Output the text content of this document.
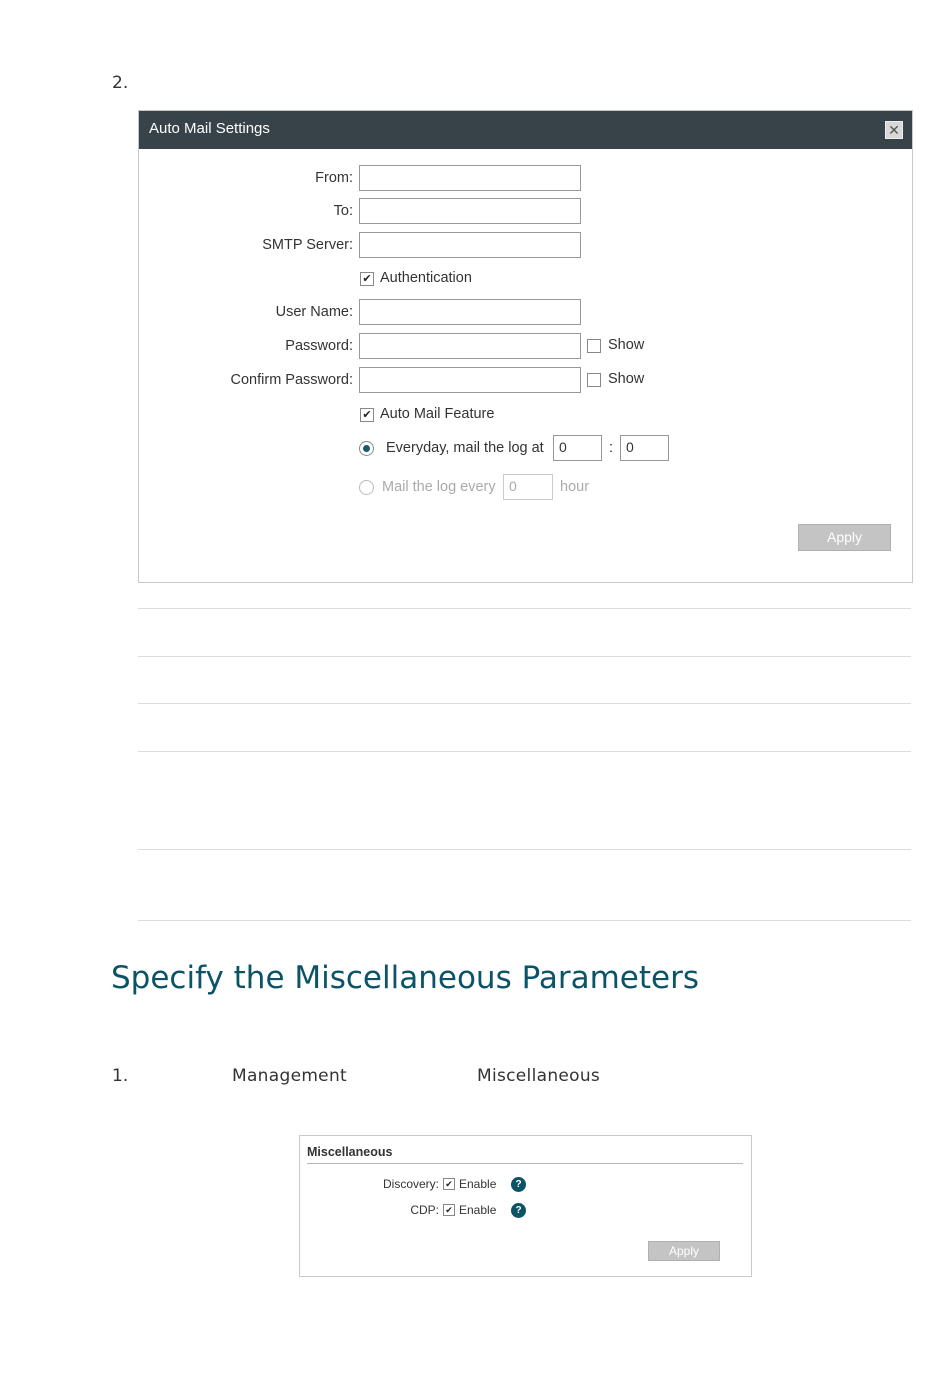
2.
Auto Mail Settings	✕
From:
To:
SMTP Server:
✔ Authentication
User Name:
Password:	Show
Confirm Password:	Show
✔ Auto Mail Feature
Everyday, mail the log at	0	: 0
Mail the log every 0	hour
Apply
Specify the Miscellaneous Parameters
1.	Management	Miscellaneous
Miscellaneous
Discovery: ✔ Enable	?
CDP: ✔ Enable	?
Apply
